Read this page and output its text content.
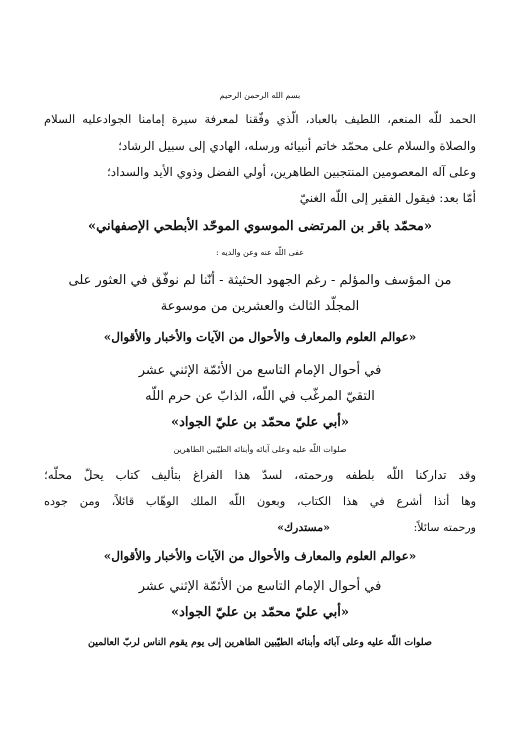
بسم الله الرحمن الرحيم
الحمد للّه المنعم، اللطيف بالعباد، الّذي وفّقنا لمعرفة سيرة إمامنا الجوادعليه السلام
والصلاة والسلام على محمّد خاتم أنبيائه ورسله، الهادي إلى سبيل الرشاد؛
وعلى آله المعصومين المنتجبين الطاهرين، أولي الفضل وذوي الأيد والسداد؛
أمّا بعد: فيقول الفقير إلى اللّه الغنيّ
«محمّد باقر بن المرتضى الموسوي الموحّد الأبطحي الإصفهاني»
عفى اللّه عنه وعن والديه :
من المؤسف والمؤلم - رغم الجهود الحثيثة - أنّنا لم نوفّق في العثور على
المجلّد الثالث والعشرين من موسوعة
«عوالم العلوم والمعارف والأحوال من الآيات والأخبار والأقوال»
في أحوال الإمام التاسع من الأئمّة الإثني عشر
التقيّ المرغّب في اللّه، الذابّ عن حرم اللّه
«أبي عليّ محمّد بن عليّ الجواد»
صلوات اللّه عليه وعلى آبائه وأبنائه الطيّبين الطاهرين
وقد تداركنا اللّه بلطفه ورحمته، لسدّ هذا الفراغ بتأليف كتاب يحلّ محلّه؛
وها أنذا أشرع في هذا الكتاب، وبعون اللّه الملك الوهّاب قائلاً، ومن جوده
ورحمته سائلاً:
«مستدرك»
«عوالم العلوم والمعارف والأحوال من الآيات والأخبار والأقوال»
في أحوال الإمام التاسع من الأئمّة الإثني عشر
«أبي عليّ محمّد بن عليّ الجواد»
صلوات اللّه عليه وعلى آبائه وأبنائه الطيّبين الطاهرين إلى يوم يقوم الناس لربّ العالمين
